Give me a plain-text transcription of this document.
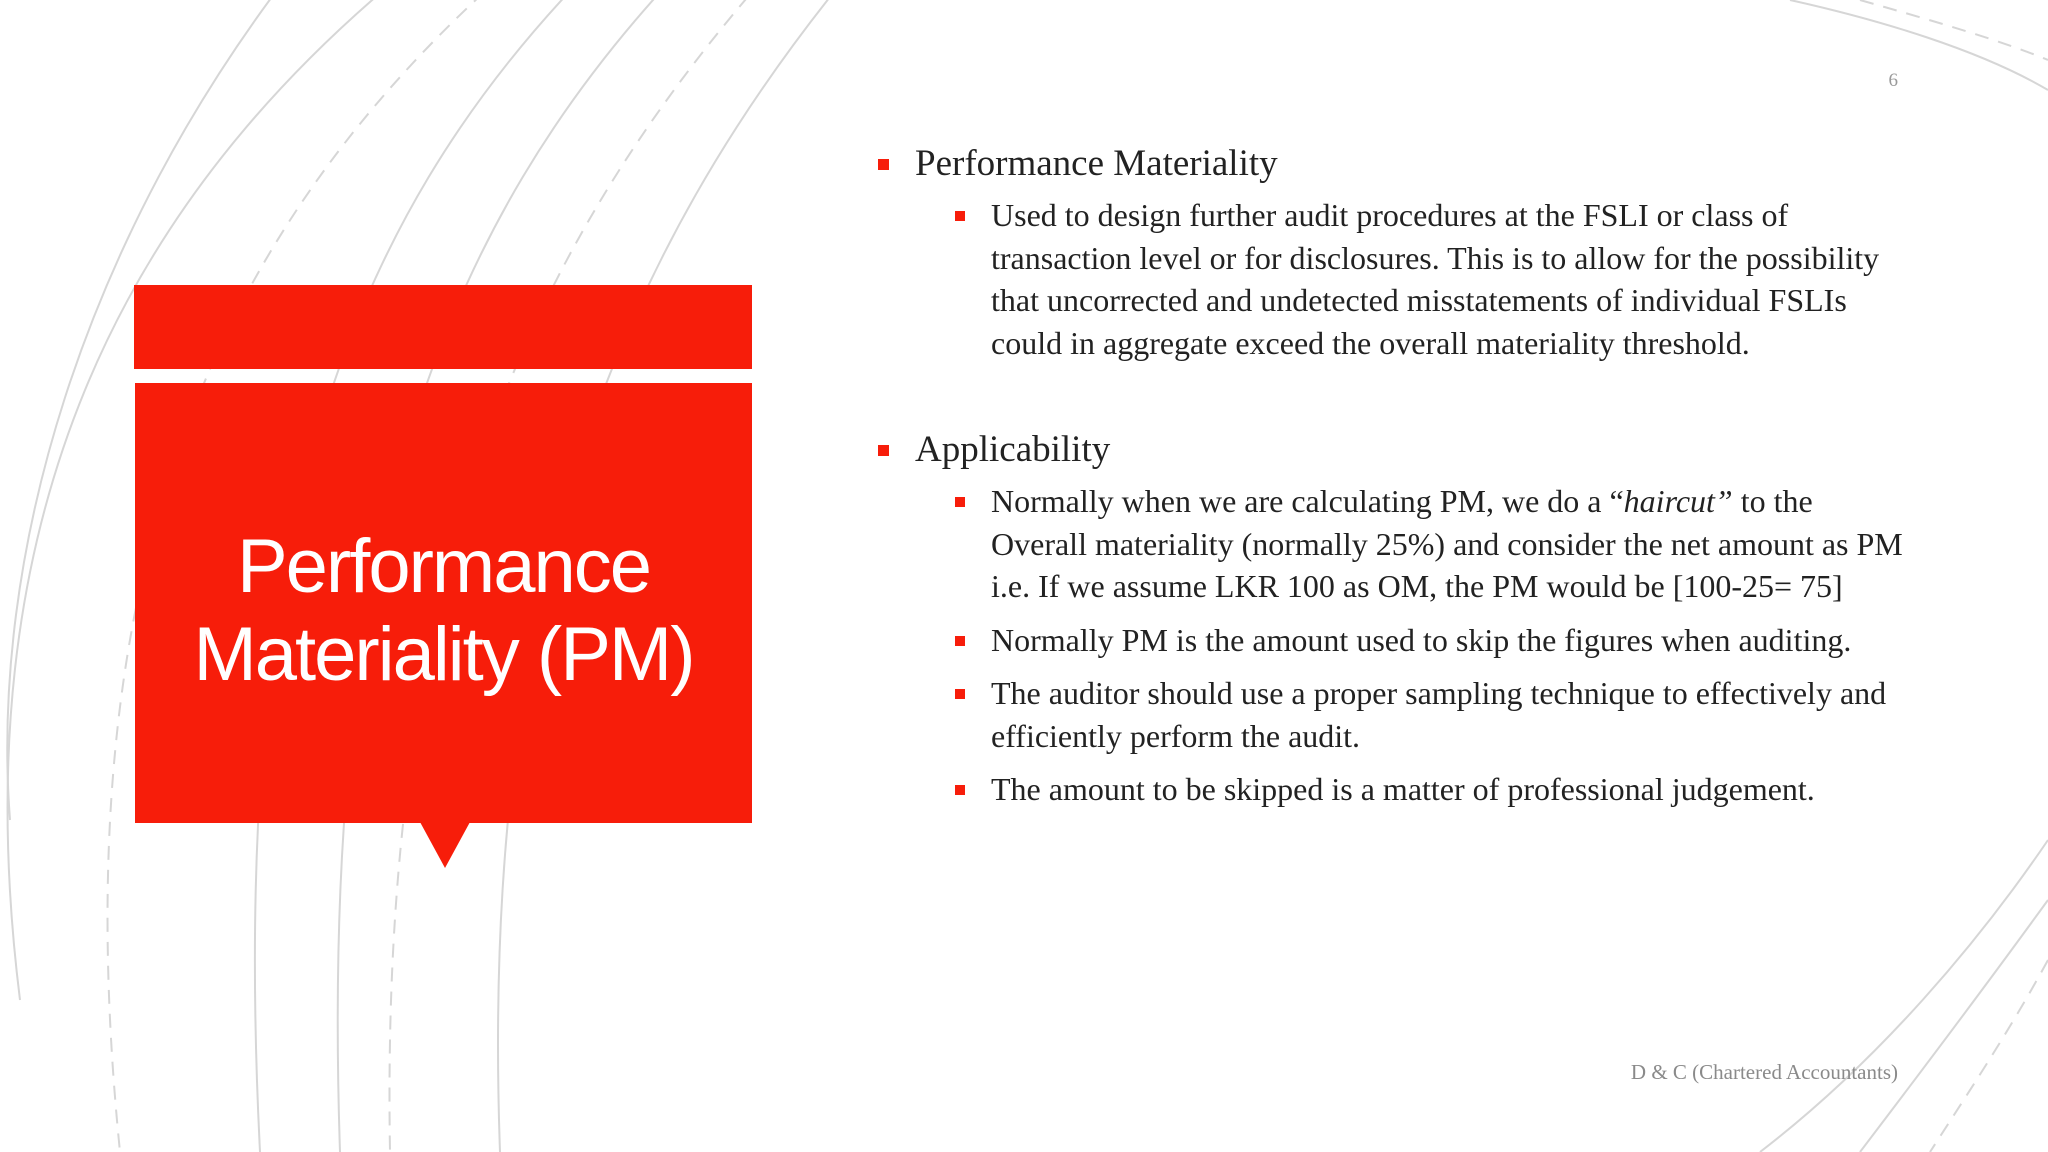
Performance Materiality (PM)
6
Performance Materiality
Used to design further audit procedures at the FSLI or class of transaction level or for disclosures. This is to allow for the possibility that uncorrected and undetected misstatements of individual FSLIs could in aggregate exceed the overall materiality threshold.
Applicability
Normally when we are calculating PM, we do a “haircut” to the Overall materiality (normally 25%) and consider the net amount as PM i.e. If we assume LKR 100 as OM, the PM would be [100-25= 75]
Normally PM is the amount used to skip the figures when auditing.
The auditor should use a proper sampling technique to effectively and efficiently perform the audit.
The amount to be skipped is a matter of professional judgement.
D & C (Chartered Accountants)
